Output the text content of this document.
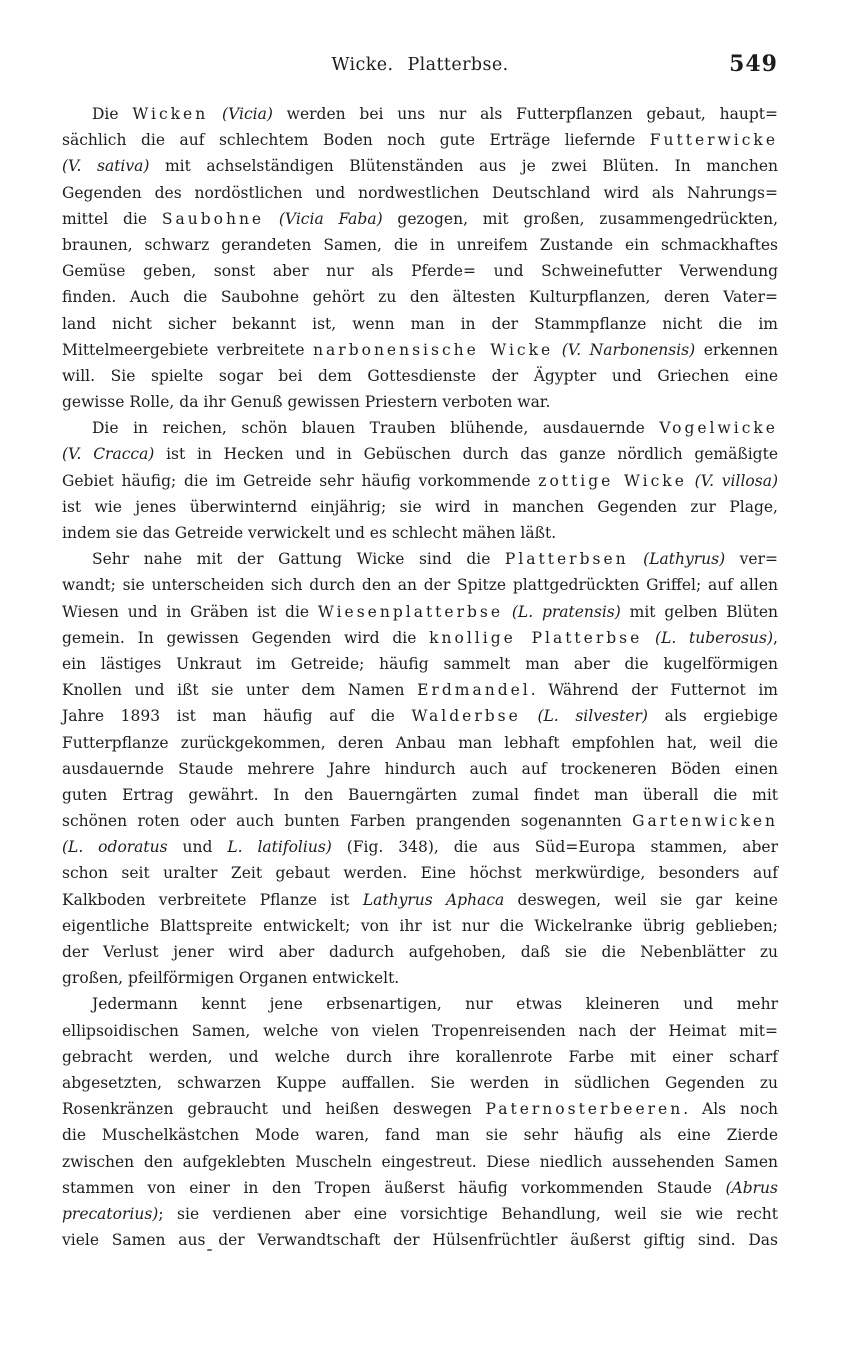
Wicke. Platterbse.	549
Die Wicken (Vicia) werden bei uns nur als Futterpflanzen gebaut, haupt=
sächlich die auf schlechtem Boden noch gute Erträge liefernde Futterwicke
(V. sativa) mit achselständigen Blütenständen aus je zwei Blüten. In manchen
Gegenden des nordöstlichen und nordwestlichen Deutschland wird als Nahrungs=
mittel die Saubohne (Vicia Faba) gezogen, mit großen, zusammengedrückten,
braunen, schwarz gerandeten Samen, die in unreifem Zustande ein schmackhaftes
Gemüse geben, sonst aber nur als Pferde= und Schweinefutter Verwendung
finden. Auch die Saubohne gehört zu den ältesten Kulturpflanzen, deren Vater=
land nicht sicher bekannt ist, wenn man in der Stammpflanze nicht die im
Mittelmeergebiete verbreitete narbonensische Wicke (V. Narbonensis) erkennen
will. Sie spielte sogar bei dem Gottesdienste der Ägypter und Griechen eine
gewisse Rolle, da ihr Genuß gewissen Priestern verboten war.
Die in reichen, schön blauen Trauben blühende, ausdauernde Vogelwicke
(V. Cracca) ist in Hecken und in Gebüschen durch das ganze nördlich gemäßigte
Gebiet häufig; die im Getreide sehr häufig vorkommende zottige Wicke (V. villosa)
ist wie jenes überwinternd einjährig; sie wird in manchen Gegenden zur Plage,
indem sie das Getreide verwickelt und es schlecht mähen läßt.
Sehr nahe mit der Gattung Wicke sind die Platterbsen (Lathyrus) ver=
wandt; sie unterscheiden sich durch den an der Spitze plattgedrückten Griffel; auf allen
Wiesen und in Gräben ist die Wiesenplatterbse (L. pratensis) mit gelben Blüten
gemein. In gewissen Gegenden wird die knollige Platterbse (L. tuberosus),
ein lästiges Unkraut im Getreide; häufig sammelt man aber die kugelförmigen
Knollen und ißt sie unter dem Namen Erdmandel. Während der Futternot im
Jahre 1893 ist man häufig auf die Walderbse (L. silvester) als ergiebige
Futterpflanze zurückgekommen, deren Anbau man lebhaft empfohlen hat, weil die
ausdauernde Staude mehrere Jahre hindurch auch auf trockeneren Böden einen
guten Ertrag gewährt. In den Bauerngärten zumal findet man überall die mit
schönen roten oder auch bunten Farben prangenden sogenannten Gartenwicken
(L. odoratus und L. latifolius) (Fig. 348), die aus Süd=Europa stammen, aber
schon seit uralter Zeit gebaut werden. Eine höchst merkwürdige, besonders auf
Kalkboden verbreitete Pflanze ist Lathyrus Aphaca deswegen, weil sie gar keine
eigentliche Blattspreite entwickelt; von ihr ist nur die Wickelranke übrig geblieben;
der Verlust jener wird aber dadurch aufgehoben, daß sie die Nebenblätter zu
großen, pfeilförmigen Organen entwickelt.
Jedermann kennt jene erbsenartigen, nur etwas kleineren und mehr
ellipsoidischen Samen, welche von vielen Tropenreisenden nach der Heimat mit=
gebracht werden, und welche durch ihre korallenrote Farbe mit einer scharf
abgesetzten, schwarzen Kuppe auffallen. Sie werden in südlichen Gegenden zu
Rosenkränzen gebraucht und heißen deswegen Paternosterbeeren. Als noch
die Muschelkästchen Mode waren, fand man sie sehr häufig als eine Zierde
zwischen den aufgeklebten Muscheln eingestreut. Diese niedlich aussehenden Samen
stammen von einer in den Tropen äußerst häufig vorkommenden Staude (Abrus
precatorius); sie verdienen aber eine vorsichtige Behandlung, weil sie wie recht
viele Samen aus der Verwandtschaft der Hülsenfrüchtler äußerst giftig sind. Das
